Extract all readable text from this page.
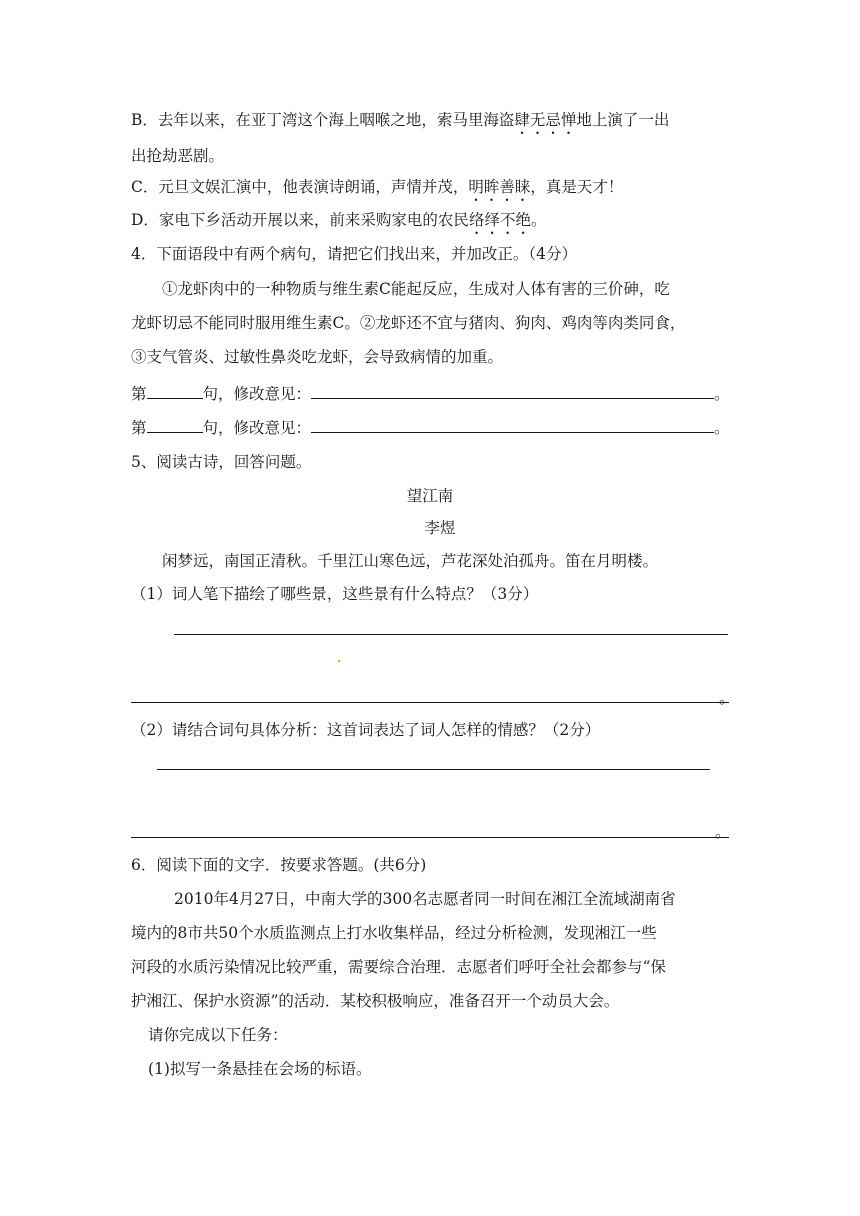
B．去年以来，在亚丁湾这个海上咽喉之地，索马里海盗肆无忌惮地上演了一出
出抢劫恶剧。
C．元旦文娱汇演中，他表演诗朗诵，声情并茂，明眸善睐，真是天才！
D．家电下乡活动开展以来，前来采购家电的农民络绎不绝。
4．下面语段中有两个病句，请把它们找出来，并加改正。（4分）
①龙虾肉中的一种物质与维生素C能起反应，生成对人体有害的三价砷，吃
龙虾切忌不能同时服用维生素C。②龙虾还不宜与猪肉、狗肉、鸡肉等肉类同食，
③支气管炎、过敏性鼻炎吃龙虾，会导致病情的加重。
第	句，修改意见：	。
第	句，修改意见：	。
5、阅读古诗，回答问题。
望江南
李煜
闲梦远，南国正清秋。千里江山寒色远，芦花深处泊孤舟。笛在月明楼。
（1）词人笔下描绘了哪些景，这些景有什么特点？（3分）
。
（2）请结合词句具体分析：这首词表达了词人怎样的情感？（2分）
。
6．阅读下面的文字．按要求答题。(共6分)
2010年4月27日，中南大学的300名志愿者同一时间在湘江全流域湖南省
境内的8市共50个水质监测点上打水收集样品，经过分析检测，发现湘江一些
河段的水质污染情况比较严重，需要综合治理．志愿者们呼吁全社会都参与“保
护湘江、保护水资源”的活动．某校积极响应，准备召开一个动员大会。
请你完成以下任务：
(1)拟写一条悬挂在会场的标语。
